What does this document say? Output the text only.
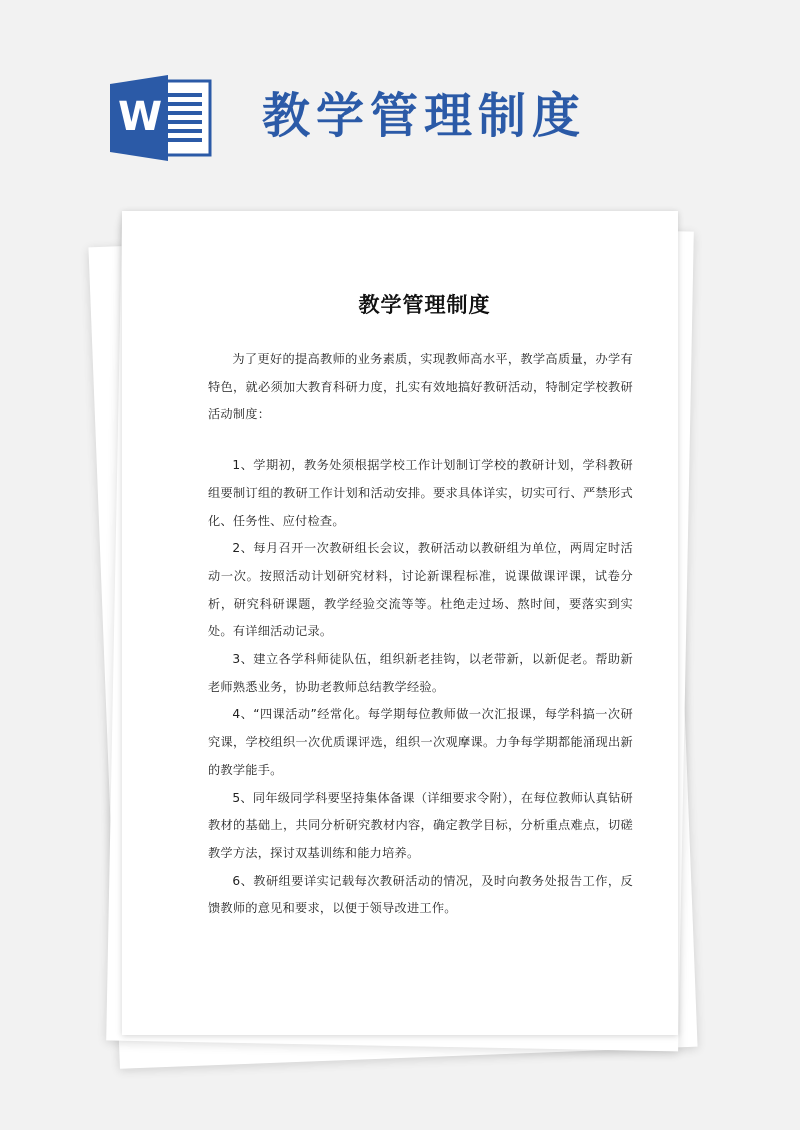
W 教学管理制度
教学管理制度

为了更好的提高教师的业务素质，实现教师高水平，教学高质量，办学有特色，就必须加大教育科研力度，扎实有效地搞好教研活动，特制定学校教研活动制度：

1、学期初，教务处须根据学校工作计划制订学校的教研计划，学科教研组要制订组的教研工作计划和活动安排。要求具体详实，切实可行、严禁形式化、任务性、应付检查。

2、每月召开一次教研组长会议，教研活动以教研组为单位，两周定时活动一次。按照活动计划研究材料，讨论新课程标准，说课做课评课，试卷分析，研究科研课题，教学经验交流等等。杜绝走过场、熬时间，要落实到实处。有详细活动记录。

3、建立各学科师徒队伍，组织新老挂钩，以老带新，以新促老。帮助新老师熟悉业务，协助老教师总结教学经验。

4、“四课活动”经常化。每学期每位教师做一次汇报课，每学科搞一次研究课，学校组织一次优质课评选，组织一次观摩课。力争每学期都能涌现出新的教学能手。

5、同年级同学科要坚持集体备课（详细要求令附），在每位教师认真钻研教材的基础上，共同分析研究教材内容，确定教学目标，分析重点难点，切磋教学方法，探讨双基训练和能力培养。

6、教研组要详实记载每次教研活动的情况，及时向教务处报告工作，反馈教师的意见和要求，以便于领导改进工作。
